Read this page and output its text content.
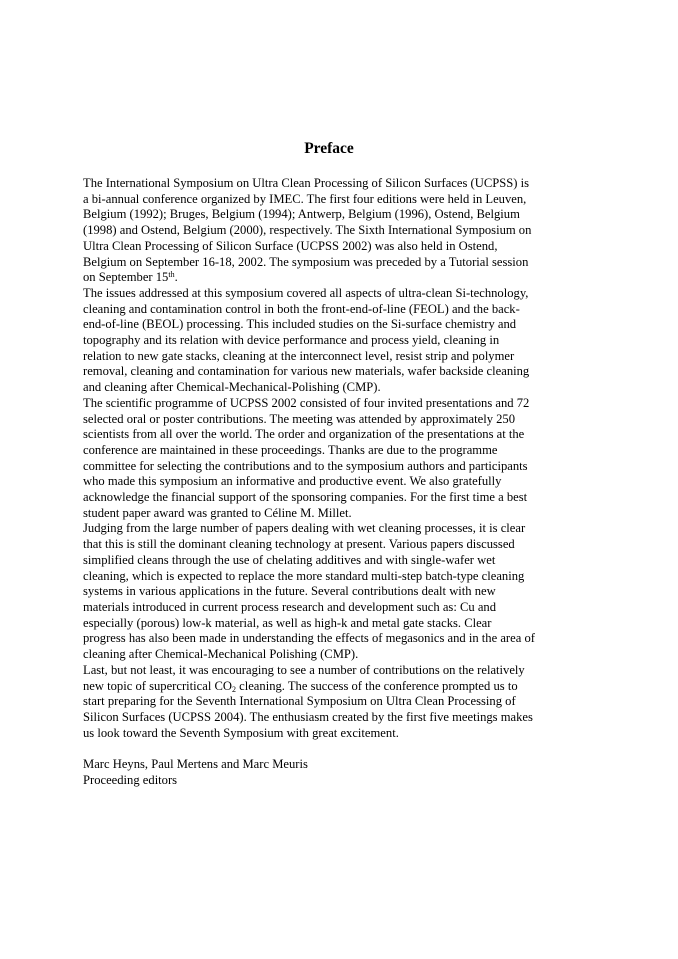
Preface

The International Symposium on Ultra Clean Processing of Silicon Surfaces (UCPSS) is
a bi-annual conference organized by IMEC. The first four editions were held in Leuven,
Belgium (1992); Bruges, Belgium (1994); Antwerp, Belgium (1996), Ostend, Belgium
(1998) and Ostend, Belgium (2000), respectively. The Sixth International Symposium on
Ultra Clean Processing of Silicon Surface (UCPSS 2002) was also held in Ostend,
Belgium on September 16-18, 2002. The symposium was preceded by a Tutorial session
on September 15th.

The issues addressed at this symposium covered all aspects of ultra-clean Si-technology,
cleaning and contamination control in both the front-end-of-line (FEOL) and the back-
end-of-line (BEOL) processing. This included studies on the Si-surface chemistry and
topography and its relation with device performance and process yield, cleaning in
relation to new gate stacks, cleaning at the interconnect level, resist strip and polymer
removal, cleaning and contamination for various new materials, wafer backside cleaning
and cleaning after Chemical-Mechanical-Polishing (CMP).

The scientific programme of UCPSS 2002 consisted of four invited presentations and 72
selected oral or poster contributions. The meeting was attended by approximately 250
scientists from all over the world. The order and organization of the presentations at the
conference are maintained in these proceedings. Thanks are due to the programme
committee for selecting the contributions and to the symposium authors and participants
who made this symposium an informative and productive event. We also gratefully
acknowledge the financial support of the sponsoring companies. For the first time a best
student paper award was granted to Céline M. Millet.

Judging from the large number of papers dealing with wet cleaning processes, it is clear
that this is still the dominant cleaning technology at present. Various papers discussed
simplified cleans through the use of chelating additives and with single-wafer wet
cleaning, which is expected to replace the more standard multi-step batch-type cleaning
systems in various applications in the future. Several contributions dealt with new
materials introduced in current process research and development such as: Cu and
especially (porous) low-k material, as well as high-k and metal gate stacks. Clear
progress has also been made in understanding the effects of megasonics and in the area of
cleaning after Chemical-Mechanical Polishing (CMP).

Last, but not least, it was encouraging to see a number of contributions on the relatively
new topic of supercritical $CO_2$ cleaning. The success of the conference prompted us to
start preparing for the Seventh International Symposium on Ultra Clean Processing of
Silicon Surfaces (UCPSS 2004). The enthusiasm created by the first five meetings makes
us look toward the Seventh Symposium with great excitement.

Marc Heyns, Paul Mertens and Marc Meuris
Proceeding editors
